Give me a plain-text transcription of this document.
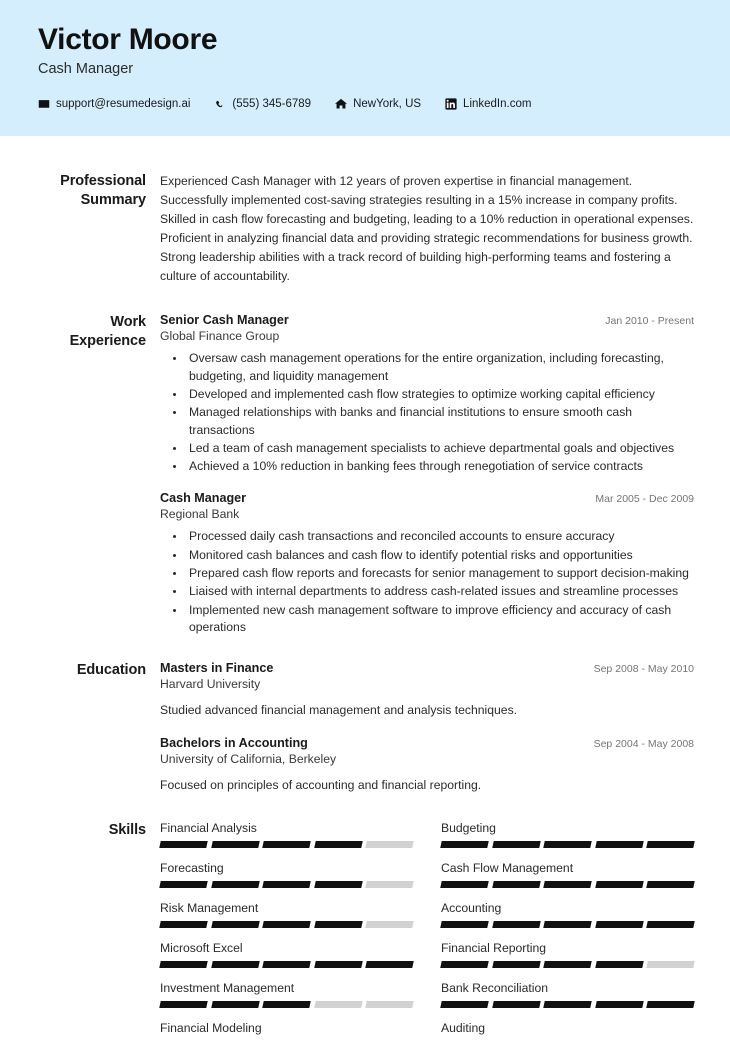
Victor Moore
Cash Manager
support@resumedesign.ai	(555) 345-6789	NewYork, US	LinkedIn.com
Professional Summary
Experienced Cash Manager with 12 years of proven expertise in financial management. Successfully implemented cost-saving strategies resulting in a 15% increase in company profits. Skilled in cash flow forecasting and budgeting, leading to a 10% reduction in operational expenses. Proficient in analyzing financial data and providing strategic recommendations for business growth. Strong leadership abilities with a track record of building high-performing teams and fostering a culture of accountability.
Work Experience
Senior Cash Manager	Jan 2010 - Present
Global Finance Group
• Oversaw cash management operations for the entire organization, including forecasting, budgeting, and liquidity management
• Developed and implemented cash flow strategies to optimize working capital efficiency
• Managed relationships with banks and financial institutions to ensure smooth cash transactions
• Led a team of cash management specialists to achieve departmental goals and objectives
• Achieved a 10% reduction in banking fees through renegotiation of service contracts
Cash Manager	Mar 2005 - Dec 2009
Regional Bank
• Processed daily cash transactions and reconciled accounts to ensure accuracy
• Monitored cash balances and cash flow to identify potential risks and opportunities
• Prepared cash flow reports and forecasts for senior management to support decision-making
• Liaised with internal departments to address cash-related issues and streamline processes
• Implemented new cash management software to improve efficiency and accuracy of cash operations
Education	Masters in Finance	Sep 2008 - May 2010
Harvard University
Studied advanced financial management and analysis techniques.
Bachelors in Accounting	Sep 2004 - May 2008
University of California, Berkeley
Focused on principles of accounting and financial reporting.
Skills	Financial Analysis	Budgeting
Forecasting	Cash Flow Management
Risk Management	Accounting
Microsoft Excel	Financial Reporting
Investment Management	Bank Reconciliation
Financial Modeling	Auditing
